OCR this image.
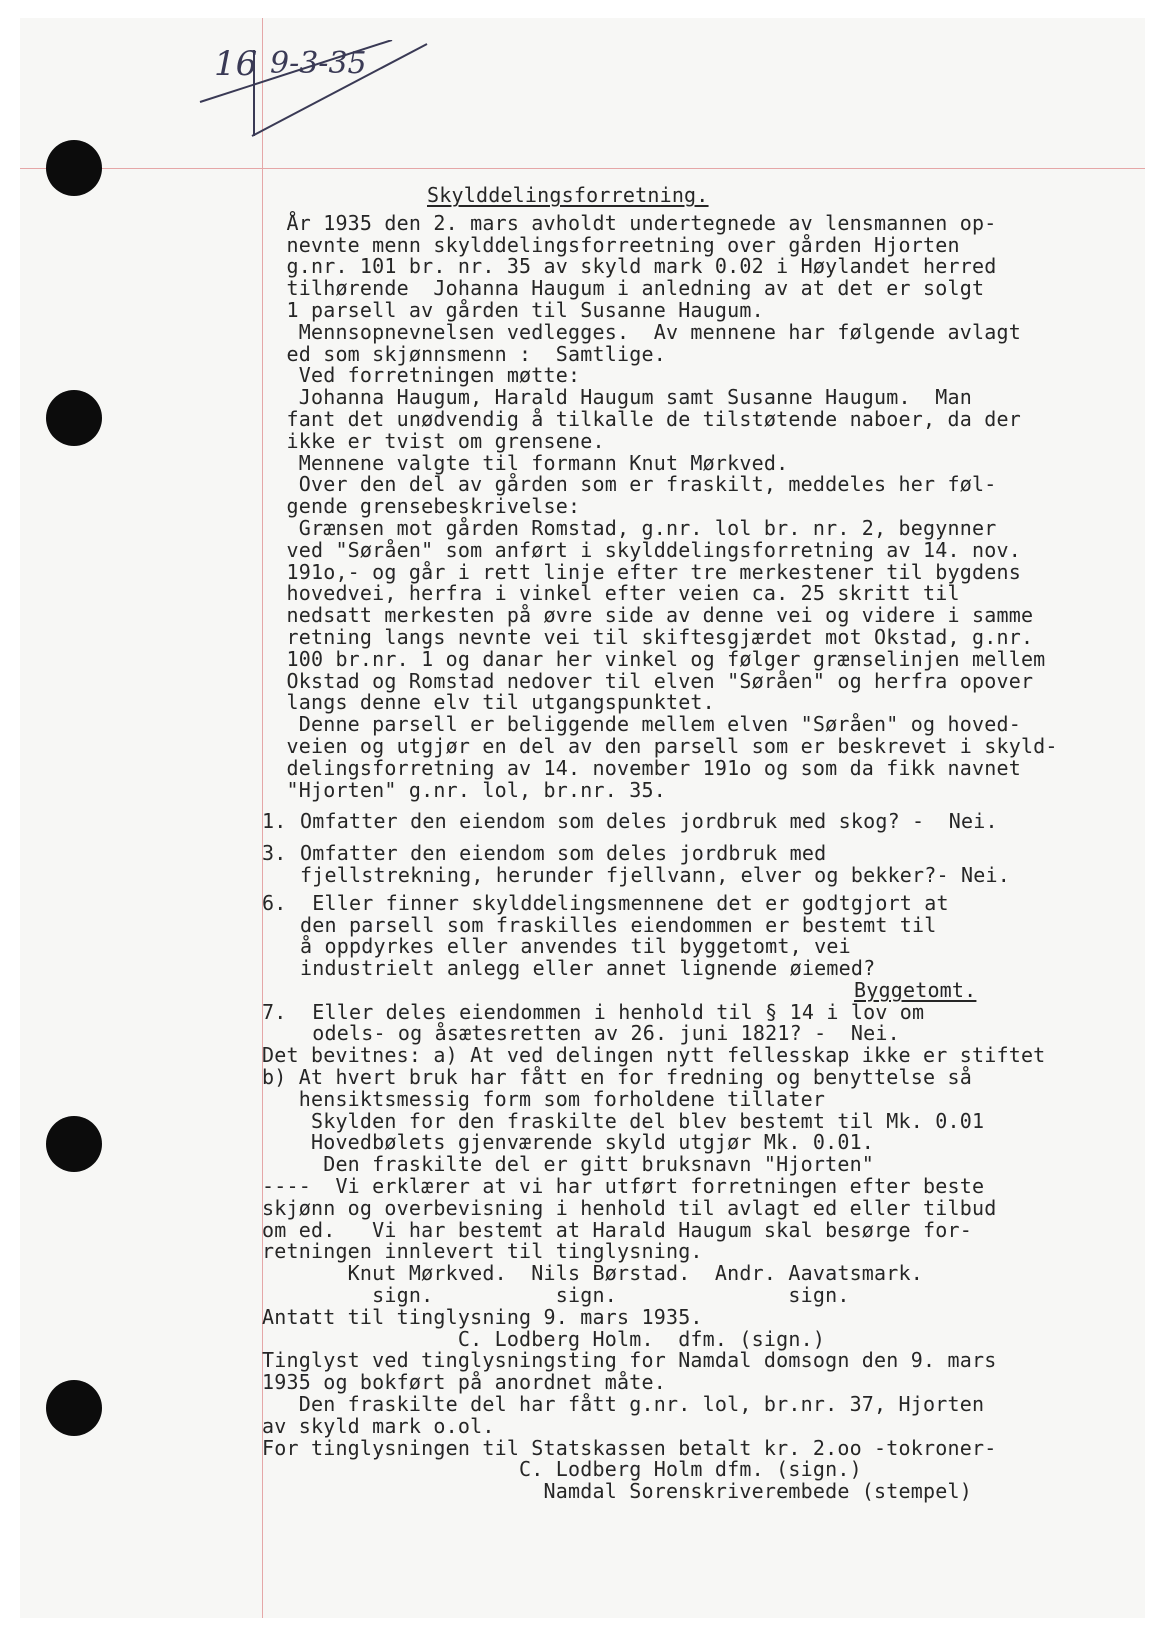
16 9-3-35
Skylddelingsforretning.
År 1935 den 2. mars avholdt undertegnede av lensmannen op-
nevnte menn skylddelingsforreetning over gården Hjorten
g.nr. 101 br. nr. 35 av skyld mark 0.02 i Høylandet herred
tilhørende  Johanna Haugum i anledning av at det er solgt
1 parsell av gården til Susanne Haugum.
Mennsopnevnelsen vedlegges.  Av mennene har følgende avlagt
ed som skjønnsmenn :  Samtlige.
Ved forretningen møtte:
Johanna Haugum, Harald Haugum samt Susanne Haugum.  Man
fant det unødvendig å tilkalle de tilstøtende naboer, da der
ikke er tvist om grensene.
Mennene valgte til formann Knut Mørkved.
Over den del av gården som er fraskilt, meddeles her føl-
gende grensebeskrivelse:
Grænsen mot gården Romstad, g.nr. lol br. nr. 2, begynner
ved "Søråen" som anført i skylddelingsforretning av 14. nov.
191o,- og går i rett linje efter tre merkestener til bygdens
hovedvei, herfra i vinkel efter veien ca. 25 skritt til
nedsatt merkesten på øvre side av denne vei og videre i samme
retning langs nevnte vei til skiftesgjærdet mot Okstad, g.nr.
100 br.nr. 1 og danar her vinkel og følger grænselinjen mellem
Okstad og Romstad nedover til elven "Søråen" og herfra opover
langs denne elv til utgangspunktet.
Denne parsell er beliggende mellem elven "Søråen" og hoved-
veien og utgjør en del av den parsell som er beskrevet i skyld-
delingsforretning av 14. november 191o og som da fikk navnet
"Hjorten" g.nr. lol, br.nr. 35.
1. Omfatter den eiendom som deles jordbruk med skog? -  Nei.
3. Omfatter den eiendom som deles jordbruk med
fjellstrekning, herunder fjellvann, elver og bekker?- Nei.
6. Eller finner skylddelingsmennene det er godtgjort at
den parsell som fraskilles eiendommen er bestemt til
å oppdyrkes eller anvendes til byggetomt, vei
industrielt anlegg eller annet lignende øiemed?
Byggetomt.
7. Eller deles eiendommen i henhold til § 14 i lov om
odels- og åsætesretten av 26. juni 1821? -  Nei.
Det bevitnes: a) At ved delingen nytt fellesskap ikke er stiftet
b) At hvert bruk har fått en for fredning og benyttelse så
hensiktsmessig form som forholdene tillater
Skylden for den fraskilte del blev bestemt til Mk. 0.01
Hovedbølets gjenværende skyld utgjør Mk. 0.01.
Den fraskilte del er gitt bruksnavn "Hjorten"
----  Vi erklærer at vi har utført forretningen efter beste
skjønn og overbevisning i henhold til avlagt ed eller tilbud
om ed.   Vi har bestemt at Harald Haugum skal besørge for-
retningen innlevert til tinglysning.
Knut Mørkved.  Nils Børstad.  Andr. Aavatsmark.
sign.          sign.              sign.
Antatt til tinglysning 9. mars 1935.
C. Lodberg Holm.  dfm. (sign.)
Tinglyst ved tinglysningsting for Namdal domsogn den 9. mars
1935 og bokført på anordnet måte.
Den fraskilte del har fått g.nr. lol, br.nr. 37, Hjorten
av skyld mark o.ol.
For tinglysningen til Statskassen betalt kr. 2.oo -tokroner-
C. Lodberg Holm dfm. (sign.)
Namdal Sorenskriverembede (stempel)
